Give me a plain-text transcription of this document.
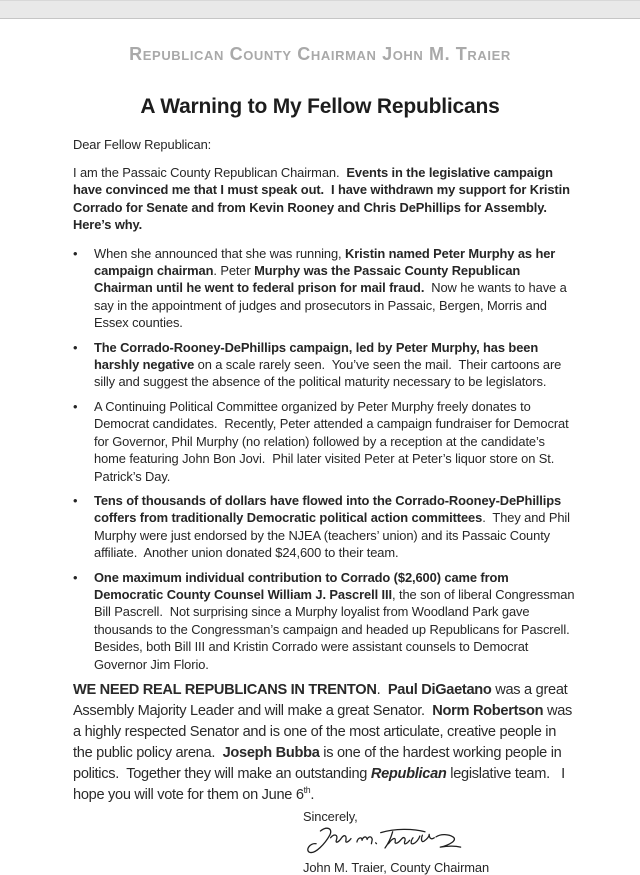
Republican County Chairman John M. Traier
A Warning to My Fellow Republicans

Dear Fellow Republican:

I am the Passaic County Republican Chairman.  Events in the legislative campaign have convinced me that I must speak out.  I have withdrawn my support for Kristin Corrado for Senate and from Kevin Rooney and Chris DePhillips for Assembly.  Here’s why.

•	When she announced that she was running, Kristin named Peter Murphy as her campaign chairman. Peter Murphy was the Passaic County Republican Chairman until he went to federal prison for mail fraud.  Now he wants to have a say in the appointment of judges and prosecutors in Passaic, Bergen, Morris and Essex counties.
•	The Corrado-Rooney-DePhillips campaign, led by Peter Murphy, has been harshly negative on a scale rarely seen.  You’ve seen the mail.  Their cartoons are silly and suggest the absence of the political maturity necessary to be legislators.
•	A Continuing Political Committee organized by Peter Murphy freely donates to Democrat candidates.  Recently, Peter attended a campaign fundraiser for Democrat for Governor, Phil Murphy (no relation) followed by a reception at the candidate’s home featuring John Bon Jovi.  Phil later visited Peter at Peter’s liquor store on St. Patrick’s Day.
•	Tens of thousands of dollars have flowed into the Corrado-Rooney-DePhillips coffers from traditionally Democratic political action committees.  They and Phil Murphy were just endorsed by the NJEA (teachers’ union) and its Passaic County affiliate.  Another union donated $24,600 to their team.
•	One maximum individual contribution to Corrado ($2,600) came from Democratic County Counsel William J. Pascrell III, the son of liberal Congressman Bill Pascrell.  Not surprising since a Murphy loyalist from Woodland Park gave thousands to the Congressman’s campaign and headed up Republicans for Pascrell.  Besides, both Bill III and Kristin Corrado were assistant counsels to Democrat Governor Jim Florio.

WE NEED REAL REPUBLICANS IN TRENTON.  Paul DiGaetano was a great Assembly Majority Leader and will make a great Senator.  Norm Robertson was a highly respected Senator and is one of the most articulate, creative people in the public policy arena.  Joseph Bubba is one of the hardest working people in politics.  Together they will make an outstanding Republican legislative team.   I hope you will vote for them on June 6th.

Sincerely,
John M. Traier, County Chairman
